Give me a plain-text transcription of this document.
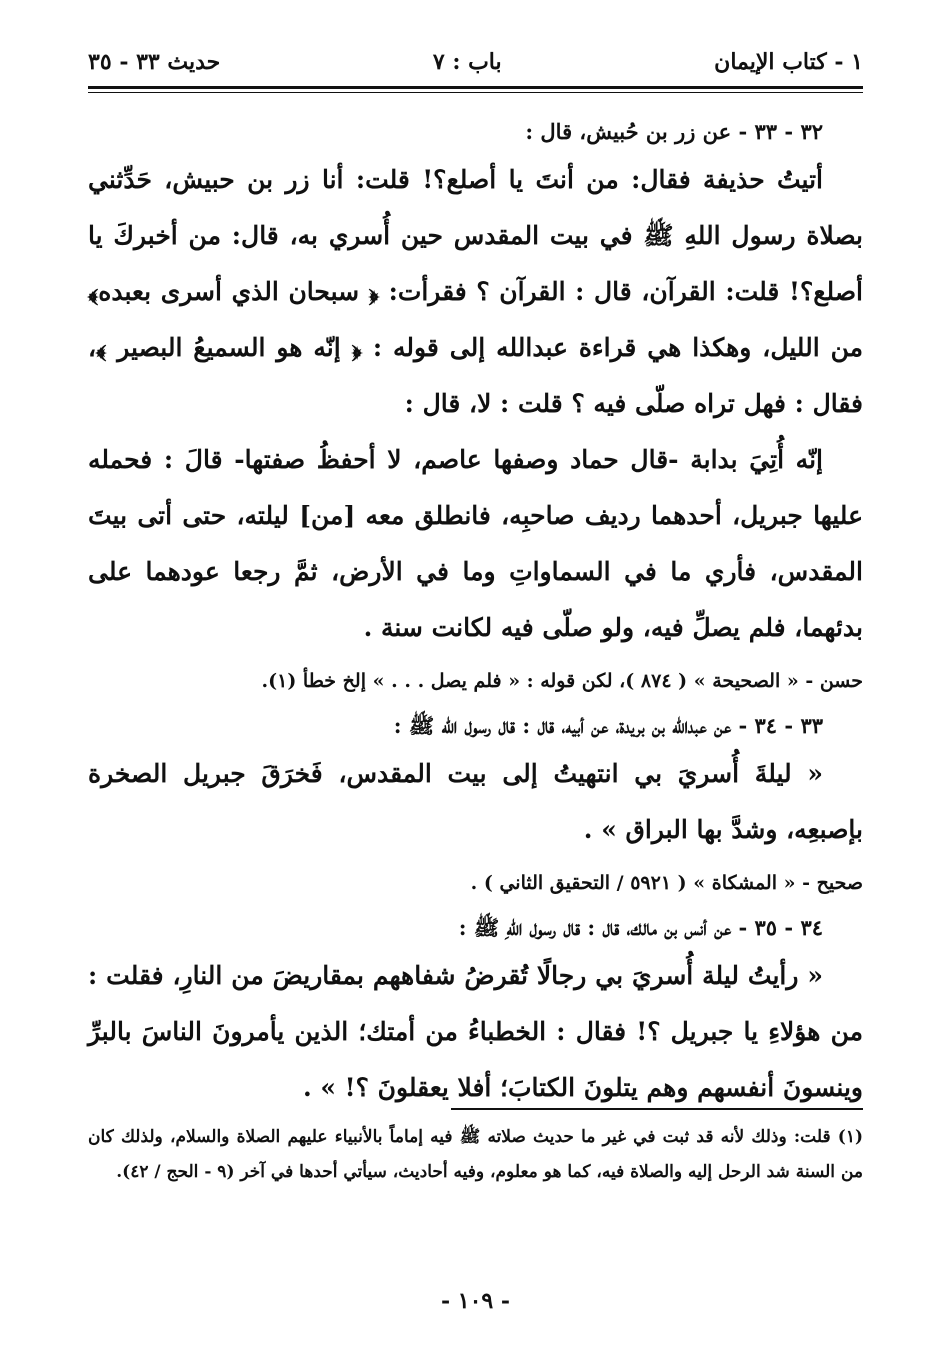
١ - كتاب الإيمان
باب : ٧
حديث ٣٣ - ٣٥
٣٢ - ٣٣ - عن زر بن حُبيش، قال :

أتيتُ حذيفة فقال: من أنتَ يا أصلع؟! قلت: أنا زر بن حبيش، حَدِّثني بصلاة رسول اللهِ ﷺ في بيت المقدس حين أُسري به، قال: من أخبركَ يا أصلع؟! قلت: القرآن، قال : القرآن ؟ فقرأت: ﴿ سبحان الذي أسرى بعبده﴾ من الليل، وهكذا هي قراءة عبدالله إلى قوله : ﴿ إنّه هو السميعُ البصير ﴾، فقال : فهل تراه صلّى فيه ؟ قلت : لا، قال :

إنّه أُتِيَ بدابة -قال حماد وصفها عاصم، لا أحفظُ صفتها- قالَ : فحمله عليها جبريل، أحدهما رديف صاحبِه، فانطلق معه [من] ليلته، حتى أتى بيتَ المقدس، فأري ما في السماواتِ وما في الأرض، ثمَّ رجعا عودهما على بدئهما، فلم يصلِّ فيه، ولو صلّى فيه لكانت سنة .

حسن - « الصحيحة » ( ٨٧٤ )، لكن قوله : « فلم يصل . . . » إلخ خطأ (١).
٣٣ - ٣٤ - عن عبدالله بن بريدة، عن أبيه، قال : قال رسول الله ﷺ :

« ليلةَ أُسريَ بي انتهيتُ إلى بيت المقدس، فَخرَقَ جبريل الصخرة بإصبعِه، وشدَّ بها البراق » .

صحيح - « المشكاة » ( ٥٩٢١ / التحقيق الثاني ) .
٣٤ - ٣٥ - عن أنس بن مالك، قال : قال رسول اللهِ ﷺ :

« رأيتُ ليلة أُسريَ بي رجالًا تُقرضُ شفاههم بمقاريضَ من النارِ، فقلت : من هؤلاءِ يا جبريل ؟! فقال : الخطباءُ من أمتك؛ الذين يأمرونَ الناسَ بالبرِّ وينسونَ أنفسهم وهم يتلونَ الكتابَ؛ أفلا يعقلونَ ؟! » .

(١) قلت: وذلك لأنه قد ثبت في غير ما حديث صلاته ﷺ فيه إماماً بالأنبياء عليهم الصلاة والسلام، ولذلك كان من السنة شد الرحل إليه والصلاة فيه، كما هو معلوم، وفيه أحاديث، سيأتي أحدها في آخر (٩ - الحج / ٤٢).
- ١٠٩ -
